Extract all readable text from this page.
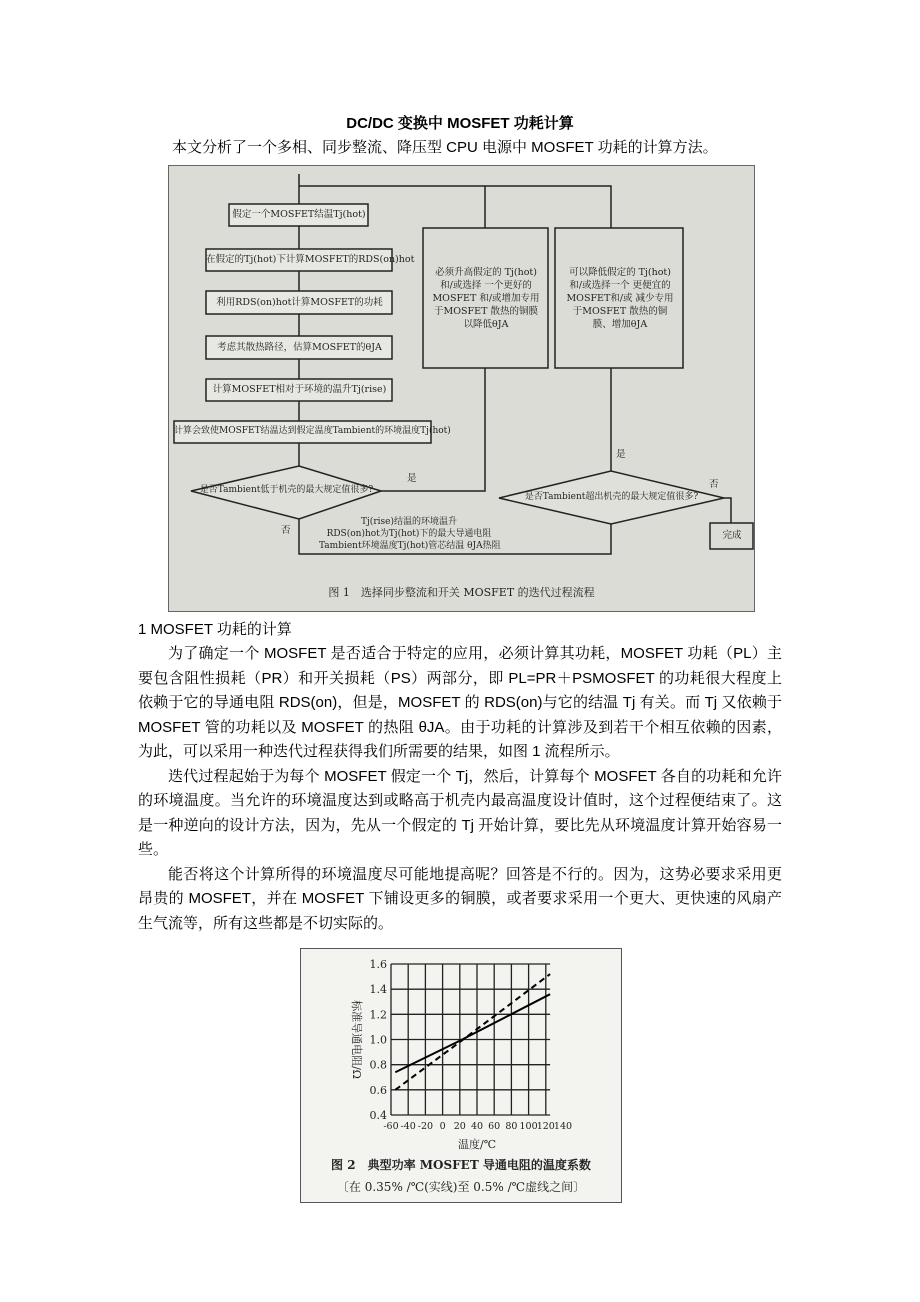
DC/DC 变换中 MOSFET 功耗计算
本文分析了一个多相、同步整流、降压型 CPU 电源中 MOSFET 功耗的计算方法。
假定一个MOSFET结温Tj(hot)
在假定的Tj(hot)下计算MOSFET的RDS(on)hot
利用RDS(on)hot计算MOSFET的功耗
考虑其散热路径，估算MOSFET的θJA
计算MOSFET相对于环境的温升Tj(rise)
计算会致使MOSFET结温达到假定温度Tambient的环境温度Tj(hot)
必须升高假定的 Tj(hot)和/或选择 一个更好的MOSFET 和/或增加专用于MOSFET 散热的铜膜以降低θJA
可以降低假定的 Tj(hot)和/或选择一个 更便宜的MOSFET和/或 减少专用于MOSFET 散热的铜膜、增加θJA
是否Tambient低于机壳的最大规定值很多?
是否Tambient超出机壳的最大规定值很多?
是
是
否
否
完成
Tj(rise)结温的环境温升
RDS(on)hot为Tj(hot)下的最大导通电阻
Tambient环境温度Tj(hot)管芯结温 θJA热阻
图 1　选择同步整流和开关 MOSFET 的迭代过程流程
1 MOSFET 功耗的计算

为了确定一个 MOSFET 是否适合于特定的应用，必须计算其功耗，MOSFET 功耗（PL）主要包含阻性损耗（PR）和开关损耗（PS）两部分，即 PL=PR＋PSMOSFET 的功耗很大程度上依赖于它的导通电阻 RDS(on)，但是，MOSFET 的 RDS(on)与它的结温 Tj 有关。而 Tj 又依赖于 MOSFET 管的功耗以及 MOSFET 的热阻 θJA。由于功耗的计算涉及到若干个相互依赖的因素，为此，可以采用一种迭代过程获得我们所需要的结果，如图 1 流程所示。

迭代过程起始于为每个 MOSFET 假定一个 Tj，然后，计算每个 MOSFET 各自的功耗和允许的环境温度。当允许的环境温度达到或略高于机壳内最高温度设计值时，这个过程便结束了。这是一种逆向的设计方法，因为，先从一个假定的 Tj 开始计算，要比先从环境温度计算开始容易一些。

能否将这个计算所得的环境温度尽可能地提高呢？回答是不行的。因为，这势必要求采用更昂贵的 MOSFET，并在 MOSFET 下铺设更多的铜膜，或者要求采用一个更大、更快速的风扇产生气流等，所有这些都是不切实际的。

-60 -40 -20 0 20 40 60 80 100 120 140
0.4
0.6
0.8
1.0
1.2
1.4
1.6
温度/℃
标准导通电阻/Ω
图 2　典型功率 MOSFET 导通电阻的温度系数
〔在 0.35% /℃(实线)至 0.5% /℃虚线之间〕
